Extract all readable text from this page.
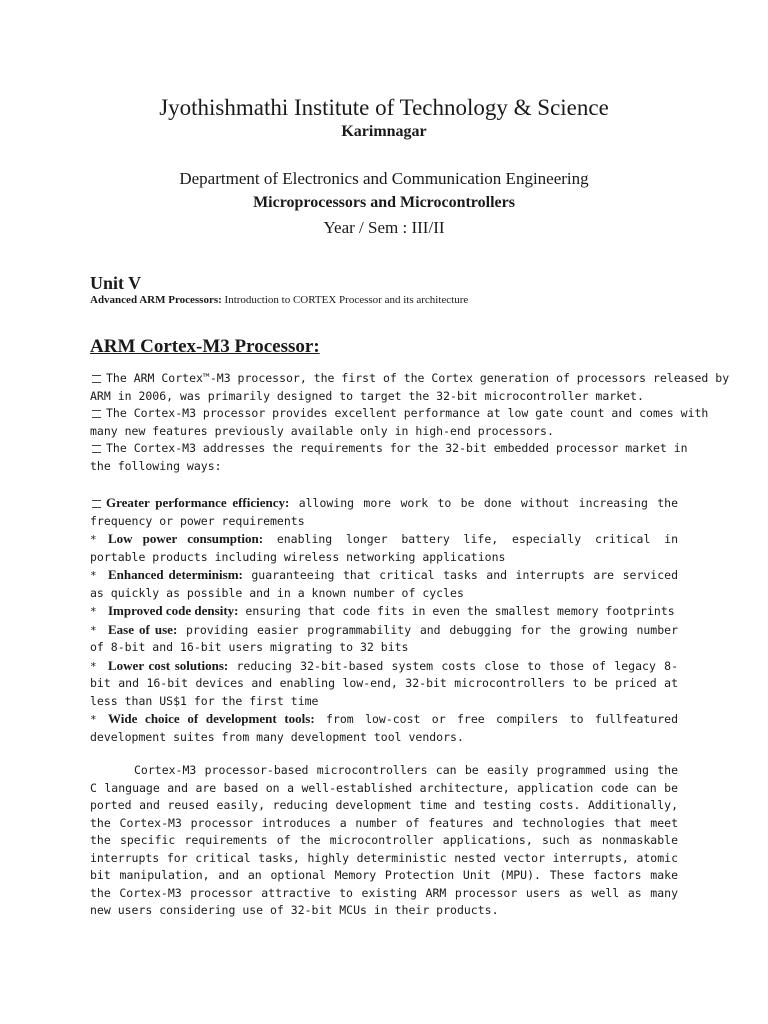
Jyothishmathi Institute of Technology & Science
Karimnagar
Department of Electronics and Communication Engineering
Microprocessors and Microcontrollers
Year / Sem : III/II
Unit V
Advanced ARM Processors: Introduction to CORTEX Processor and its architecture
ARM Cortex-M3 Processor:

The ARM Cortex™-M3 processor, the first of the Cortex generation of processors released by

ARM in 2006, was primarily designed to target the 32-bit microcontroller market.

The Cortex-M3 processor provides excellent performance at low gate count and comes with

many new features previously available only in high-end processors.

The Cortex-M3 addresses the requirements for the 32-bit embedded processor market in

the following ways:

Greater performance efficiency: allowing more work to be done without increasing the frequency or power requirements

* Low power consumption: enabling longer battery life, especially critical in portable products including wireless networking applications

* Enhanced determinism: guaranteeing that critical tasks and interrupts are serviced as quickly as possible and in a known number of cycles

* Improved code density: ensuring that code fits in even the smallest memory footprints

* Ease of use: providing easier programmability and debugging for the growing number of 8-bit and 16-bit users migrating to 32 bits

* Lower cost solutions: reducing 32-bit-based system costs close to those of legacy 8-bit and 16-bit devices and enabling low-end, 32-bit microcontrollers to be priced at less than US$1 for the first time

* Wide choice of development tools: from low-cost or free compilers to fullfeatured development suites from many development tool vendors.

Cortex-M3 processor-based microcontrollers can be easily programmed using the C language and are based on a well-established architecture, application code can be ported and reused easily, reducing development time and testing costs. Additionally, the Cortex-M3 processor introduces a number of features and technologies that meet the specific requirements of the microcontroller applications, such as nonmaskable interrupts for critical tasks, highly deterministic nested vector interrupts, atomic bit manipulation, and an optional Memory Protection Unit (MPU). These factors make the Cortex-M3 processor attractive to existing ARM processor users as well as many new users considering use of 32-bit MCUs in their products.
